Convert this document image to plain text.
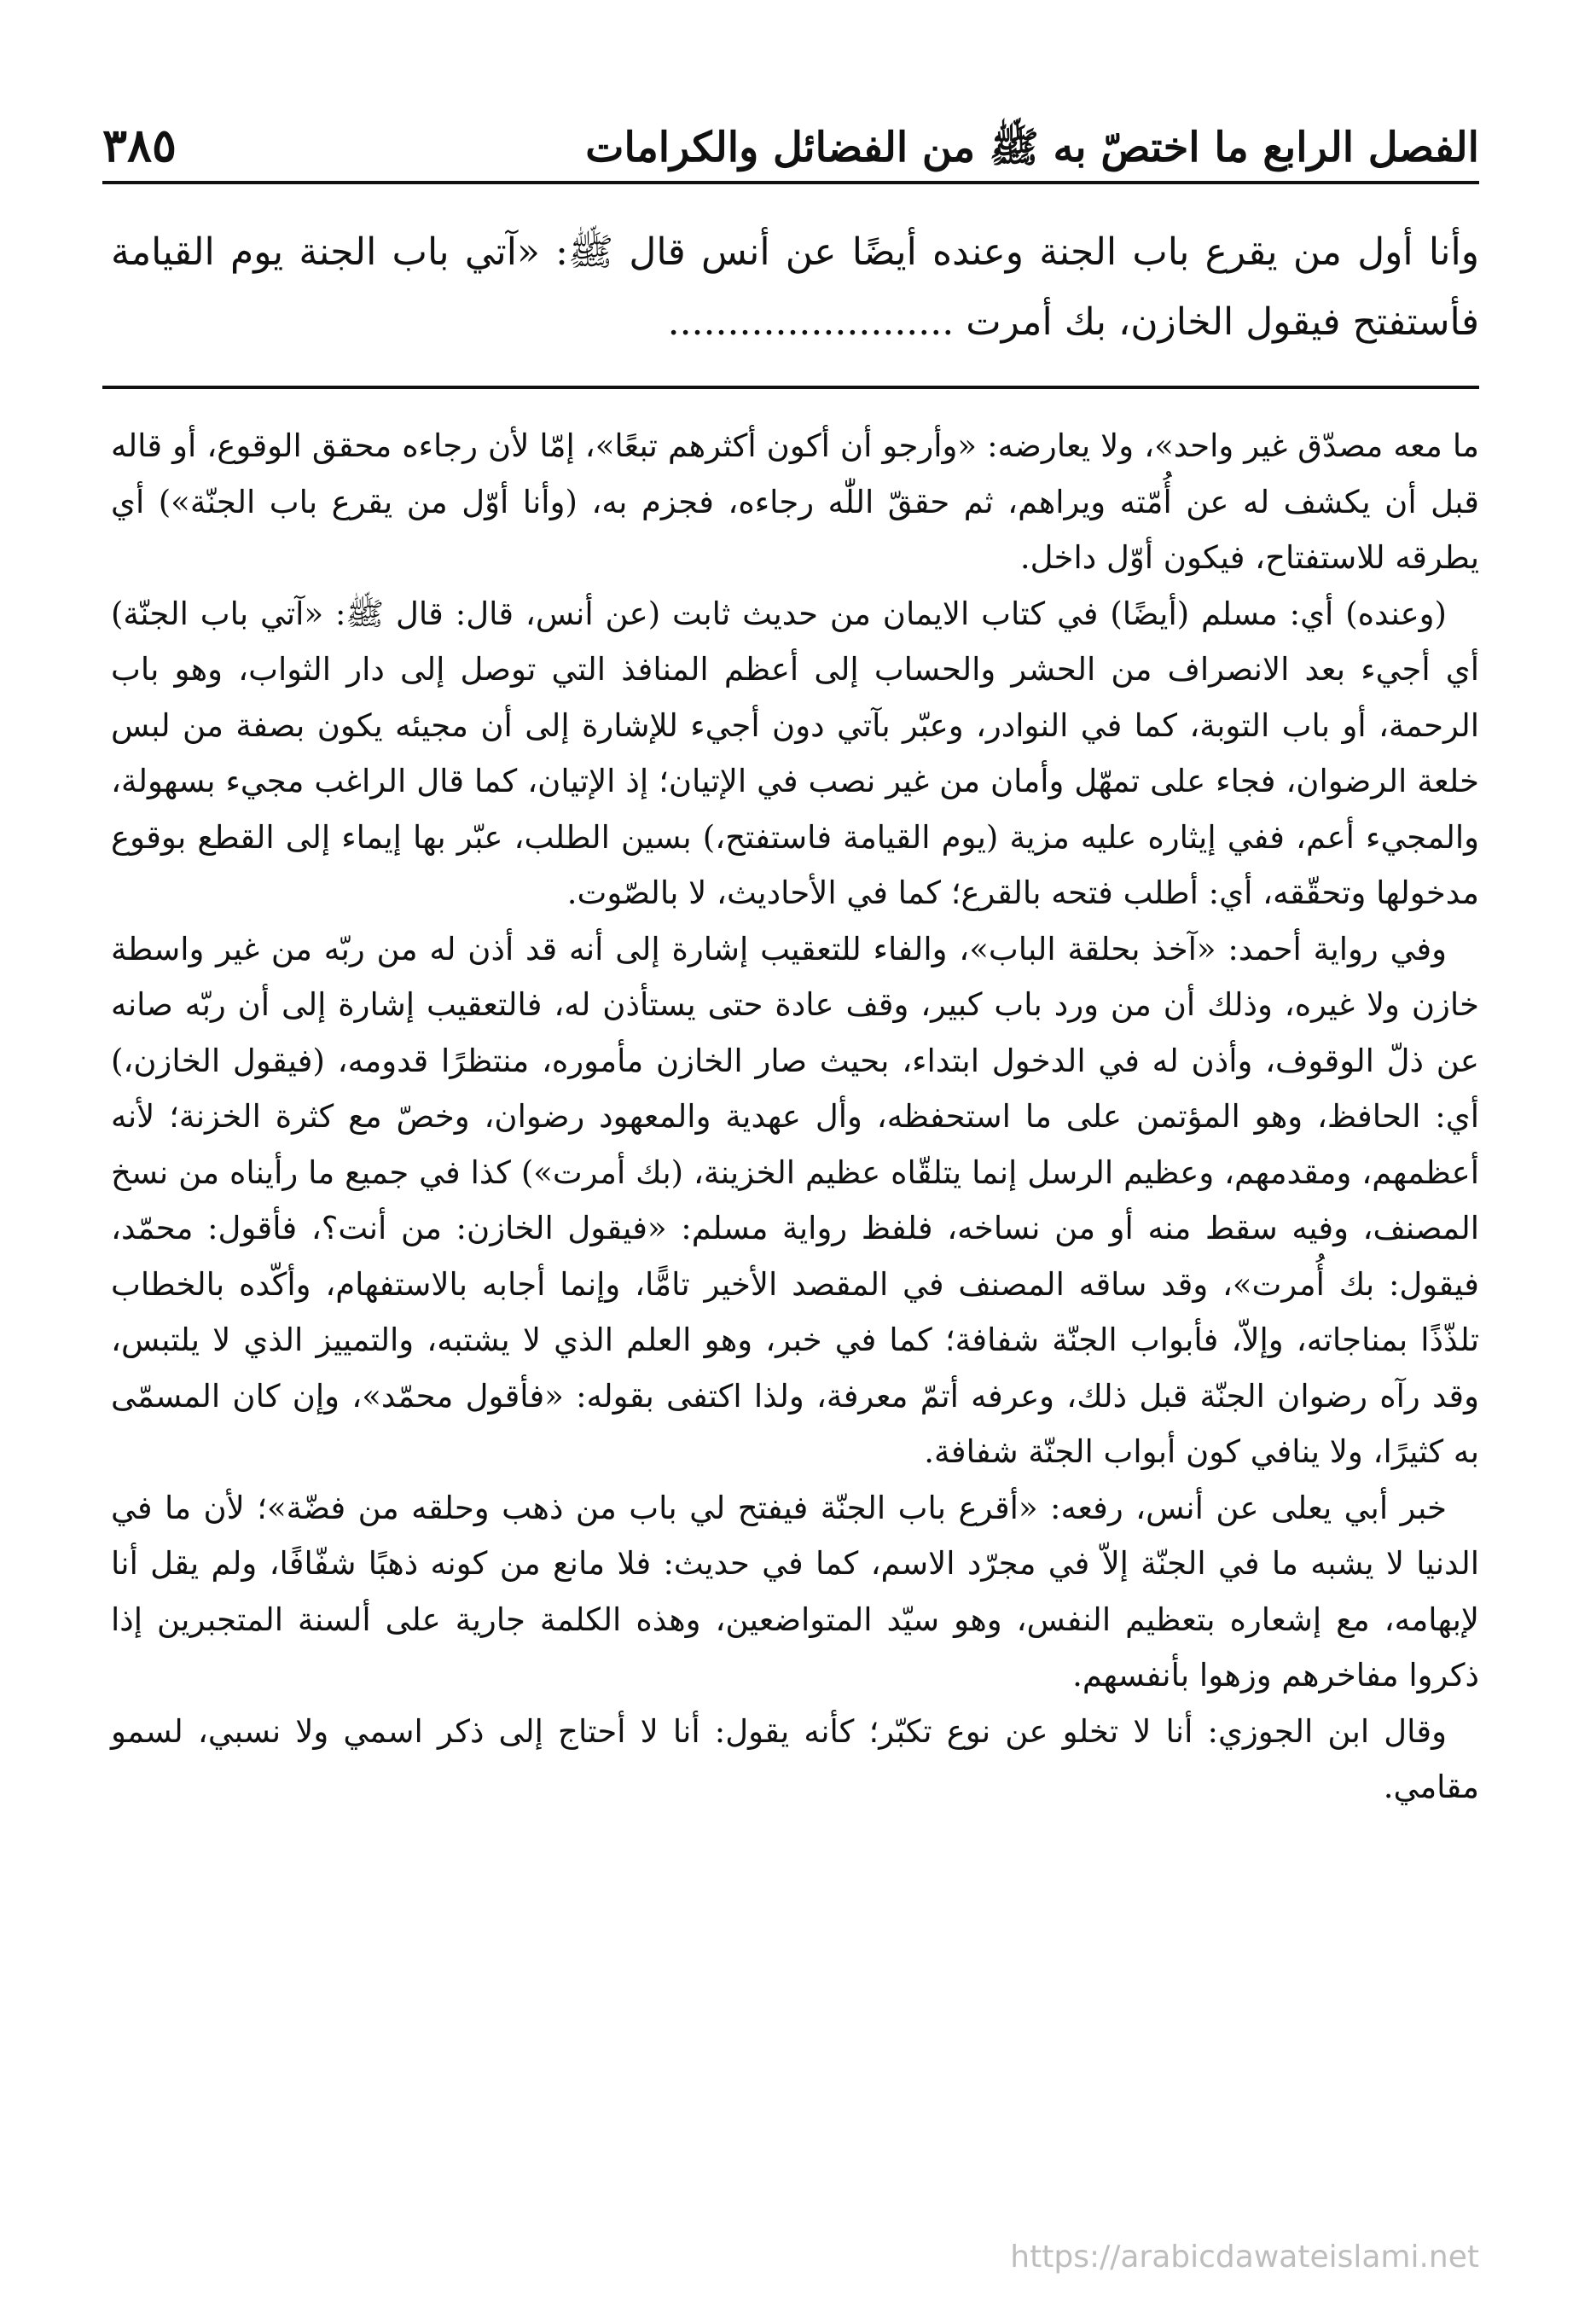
الفصل الرابع ما اختصّ به ﷺ من الفضائل والكرامات
٣٨٥
وأنا أول من يقرع باب الجنة وعنده أيضًا عن أنس قال ﷺ: «آتي باب الجنة يوم القيامة فأستفتح فيقول الخازن، بك أمرت ........................

ما معه مصدّق غير واحد»، ولا يعارضه: «وأرجو أن أكون أكثرهم تبعًا»، إمّا لأن رجاءه محقق الوقوع، أو قاله قبل أن يكشف له عن أُمّته ويراهم، ثم حققّ اللّٰه رجاءه، فجزم به، (وأنا أوّل من يقرع باب الجنّة») أي يطرقه للاستفتاح، فيكون أوّل داخل.

(وعنده) أي: مسلم (أيضًا) في كتاب الايمان من حديث ثابت (عن أنس، قال: قال ﷺ: «آتي باب الجنّة) أي أجيء بعد الانصراف من الحشر والحساب إلى أعظم المنافذ التي توصل إلى دار الثواب، وهو باب الرحمة، أو باب التوبة، كما في النوادر، وعبّر بآتي دون أجيء للإشارة إلى أن مجيئه يكون بصفة من لبس خلعة الرضوان، فجاء على تمهّل وأمان من غير نصب في الإتيان؛ إذ الإتيان، كما قال الراغب مجيء بسهولة، والمجيء أعم، ففي إيثاره عليه مزية (يوم القيامة فاستفتح،) بسين الطلب، عبّر بها إيماء إلى القطع بوقوع مدخولها وتحقّقه، أي: أطلب فتحه بالقرع؛ كما في الأحاديث، لا بالصّوت.

وفي رواية أحمد: «آخذ بحلقة الباب»، والفاء للتعقيب إشارة إلى أنه قد أذن له من ربّه من غير واسطة خازن ولا غيره، وذلك أن من ورد باب كبير، وقف عادة حتى يستأذن له، فالتعقيب إشارة إلى أن ربّه صانه عن ذلّ الوقوف، وأذن له في الدخول ابتداء، بحيث صار الخازن مأموره، منتظرًا قدومه، (فيقول الخازن،) أي: الحافظ، وهو المؤتمن على ما استحفظه، وأل عهدية والمعهود رضوان، وخصّ مع كثرة الخزنة؛ لأنه أعظمهم، ومقدمهم، وعظيم الرسل إنما يتلقّاه عظيم الخزينة، (بك أمرت») كذا في جميع ما رأيناه من نسخ المصنف، وفيه سقط منه أو من نساخه، فلفظ رواية مسلم: «فيقول الخازن: من أنت؟، فأقول: محمّد، فيقول: بك أُمرت»، وقد ساقه المصنف في المقصد الأخير تامًّا، وإنما أجابه بالاستفهام، وأكّده بالخطاب تلذّذًا بمناجاته، وإلاّ، فأبواب الجنّة شفافة؛ كما في خبر، وهو العلم الذي لا يشتبه، والتمييز الذي لا يلتبس، وقد رآه رضوان الجنّة قبل ذلك، وعرفه أتمّ معرفة، ولذا اكتفى بقوله: «فأقول محمّد»، وإن كان المسمّى به كثيرًا، ولا ينافي كون أبواب الجنّة شفافة.

خبر أبي يعلى عن أنس، رفعه: «أقرع باب الجنّة فيفتح لي باب من ذهب وحلقه من فضّة»؛ لأن ما في الدنيا لا يشبه ما في الجنّة إلاّ في مجرّد الاسم، كما في حديث: فلا مانع من كونه ذهبًا شفّافًا، ولم يقل أنا لإبهامه، مع إشعاره بتعظيم النفس، وهو سيّد المتواضعين، وهذه الكلمة جارية على ألسنة المتجبرين إذا ذكروا مفاخرهم وزهوا بأنفسهم.

وقال ابن الجوزي: أنا لا تخلو عن نوع تكبّر؛ كأنه يقول: أنا لا أحتاج إلى ذكر اسمي ولا نسبي، لسمو مقامي.

https://arabicdawateislami.net
